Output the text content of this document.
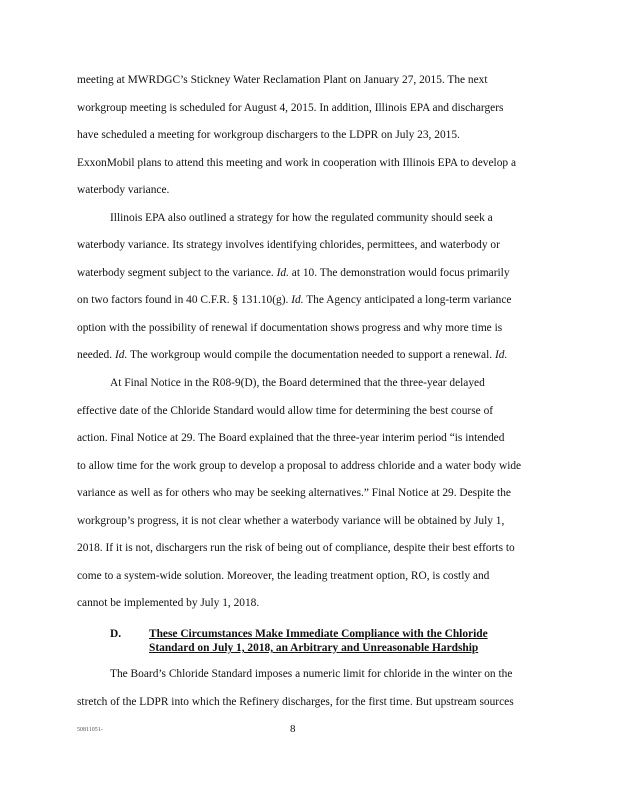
meeting at MWRDGC’s Stickney Water Reclamation Plant on January 27, 2015. The next
workgroup meeting is scheduled for August 4, 2015. In addition, Illinois EPA and dischargers
have scheduled a meeting for workgroup dischargers to the LDPR on July 23, 2015.
ExxonMobil plans to attend this meeting and work in cooperation with Illinois EPA to develop a
waterbody variance.
Illinois EPA also outlined a strategy for how the regulated community should seek a
waterbody variance. Its strategy involves identifying chlorides, permittees, and waterbody or
waterbody segment subject to the variance. Id. at 10. The demonstration would focus primarily
on two factors found in 40 C.F.R. § 131.10(g). Id. The Agency anticipated a long-term variance
option with the possibility of renewal if documentation shows progress and why more time is
needed. Id. The workgroup would compile the documentation needed to support a renewal. Id.
At Final Notice in the R08-9(D), the Board determined that the three-year delayed
effective date of the Chloride Standard would allow time for determining the best course of
action. Final Notice at 29. The Board explained that the three-year interim period “is intended
to allow time for the work group to develop a proposal to address chloride and a water body wide
variance as well as for others who may be seeking alternatives.” Final Notice at 29. Despite the
workgroup’s progress, it is not clear whether a waterbody variance will be obtained by July 1,
2018. If it is not, dischargers run the risk of being out of compliance, despite their best efforts to
come to a system-wide solution. Moreover, the leading treatment option, RO, is costly and
cannot be implemented by July 1, 2018.
D. These Circumstances Make Immediate Compliance with the Chloride
Standard on July 1, 2018, an Arbitrary and Unreasonable Hardship
The Board’s Chloride Standard imposes a numeric limit for chloride in the winter on the
stretch of the LDPR into which the Refinery discharges, for the first time. But upstream sources
50811051-	8
